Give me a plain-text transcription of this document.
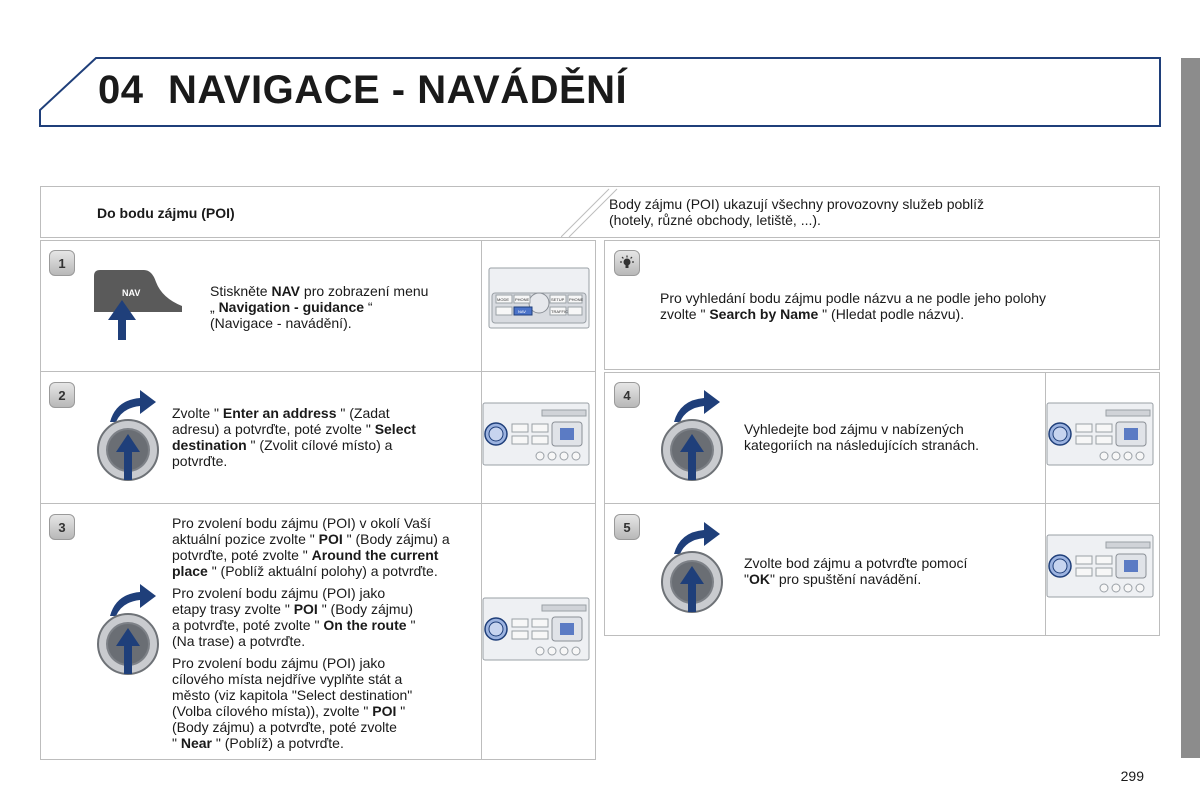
04 NAVIGACE - NAVÁDĚNÍ
Do bodu zájmu (POI)
Body zájmu (POI) ukazují všechny provozovny služeb poblíž
(hotely, různé obchody, letiště, ...).
1
NAV	Stiskněte NAV pro zobrazení menu
„ Navigation - guidance “
(Navigace - navádění).
MODE PHONE	SETUP PHONE
NAV	TRAFFIC
2
Zvolte " Enter an address " (Zadat
adresu) a potvrďte, poté zvolte " Select
destination " (Zvolit cílové místo) a
potvrďte.
3	Pro zvolení bodu zájmu (POI) v okolí Vaší
aktuální pozice zvolte " POI " (Body zájmu) a
potvrďte, poté zvolte " Around the current
place " (Poblíž aktuální polohy) a potvrďte.

Pro zvolení bodu zájmu (POI) jako
etapy trasy zvolte " POI " (Body zájmu)
a potvrďte, poté zvolte " On the route "
(Na trase) a potvrďte.

Pro zvolení bodu zájmu (POI) jako
cílového místa nejdříve vyplňte stát a
město (viz kapitola "Select destination"
(Volba cílového místa)), zvolte " POI "
(Body zájmu) a potvrďte, poté zvolte
" Near " (Poblíž) a potvrďte.

Pro vyhledání bodu zájmu podle názvu a ne podle jeho polohy
zvolte " Search by Name " (Hledat podle názvu).
4
Vyhledejte bod zájmu v nabízených
kategoriích na následujících stranách.
5
Zvolte bod zájmu a potvrďte pomocí
"OK" pro spuštění navádění.
299
